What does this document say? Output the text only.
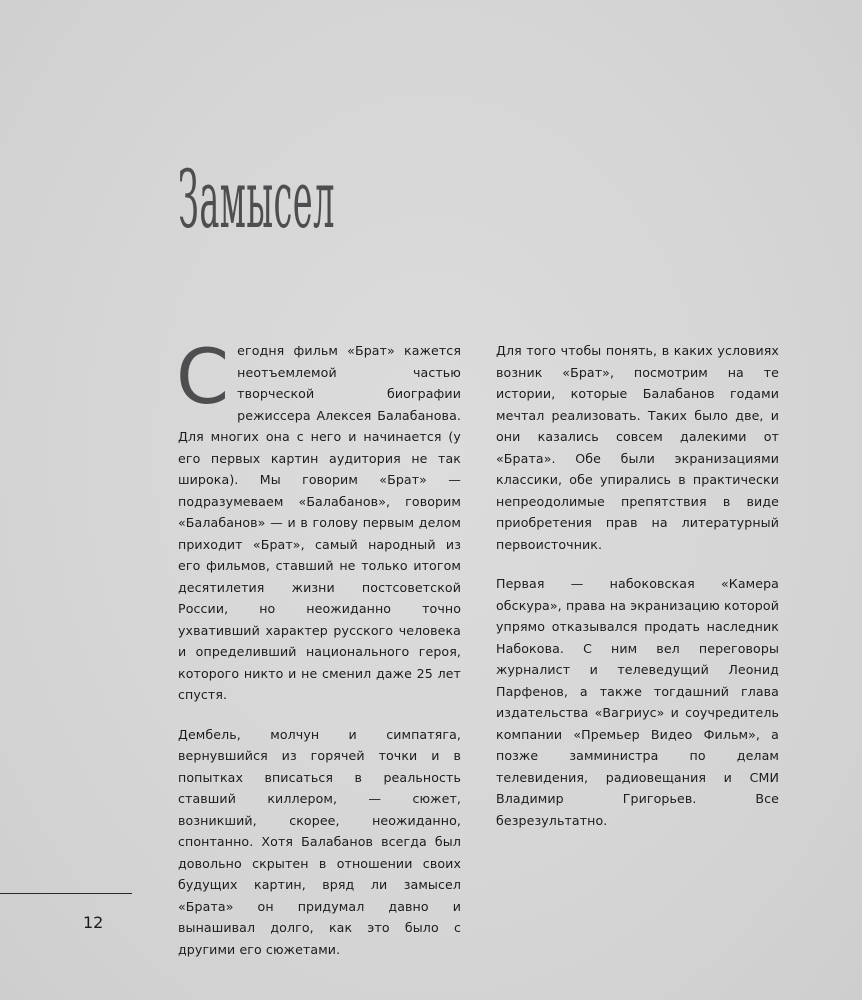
Замысел

Сегодня фильм «Брат» кажется неотъемлемой частью творческой биографии режиссера Алексея Балабанова. Для многих она с него и начинается (у его первых картин аудитория не так широка). Мы говорим «Брат» — подразумеваем «Балабанов», говорим «Балабанов» — и в голову первым делом приходит «Брат», самый народный из его фильмов, ставший не только итогом десятилетия жизни постсоветской России, но неожиданно точно ухвативший характер русского человека и определивший национального героя, которого никто и не сменил даже 25 лет спустя.

Дембель, молчун и симпатяга, вернувшийся из горячей точки и в попытках вписаться в реальность ставший киллером, — сюжет, возникший, скорее, неожиданно, спонтанно. Хотя Балабанов всегда был довольно скрытен в отношении своих будущих картин, вряд ли замысел «Брата» он придумал давно и вынашивал долго, как это было с другими его сюжетами.

Для того чтобы понять, в каких условиях возник «Брат», посмотрим на те истории, которые Балабанов годами мечтал реализовать. Таких было две, и они казались совсем далекими от «Брата». Обе были экранизациями классики, обе упирались в практически непреодолимые препятствия в виде приобретения прав на литературный первоисточник.

Первая — набоковская «Камера обскура», права на экранизацию которой упрямо отказывался продать наследник Набокова. С ним вел переговоры журналист и телеведущий Леонид Парфенов, а также тогдашний глава издательства «Вагриус» и соучредитель компании «Премьер Видео Фильм», а позже замминистра по делам телевидения, радиовещания и СМИ Владимир Григорьев. Все безрезультатно.

12
